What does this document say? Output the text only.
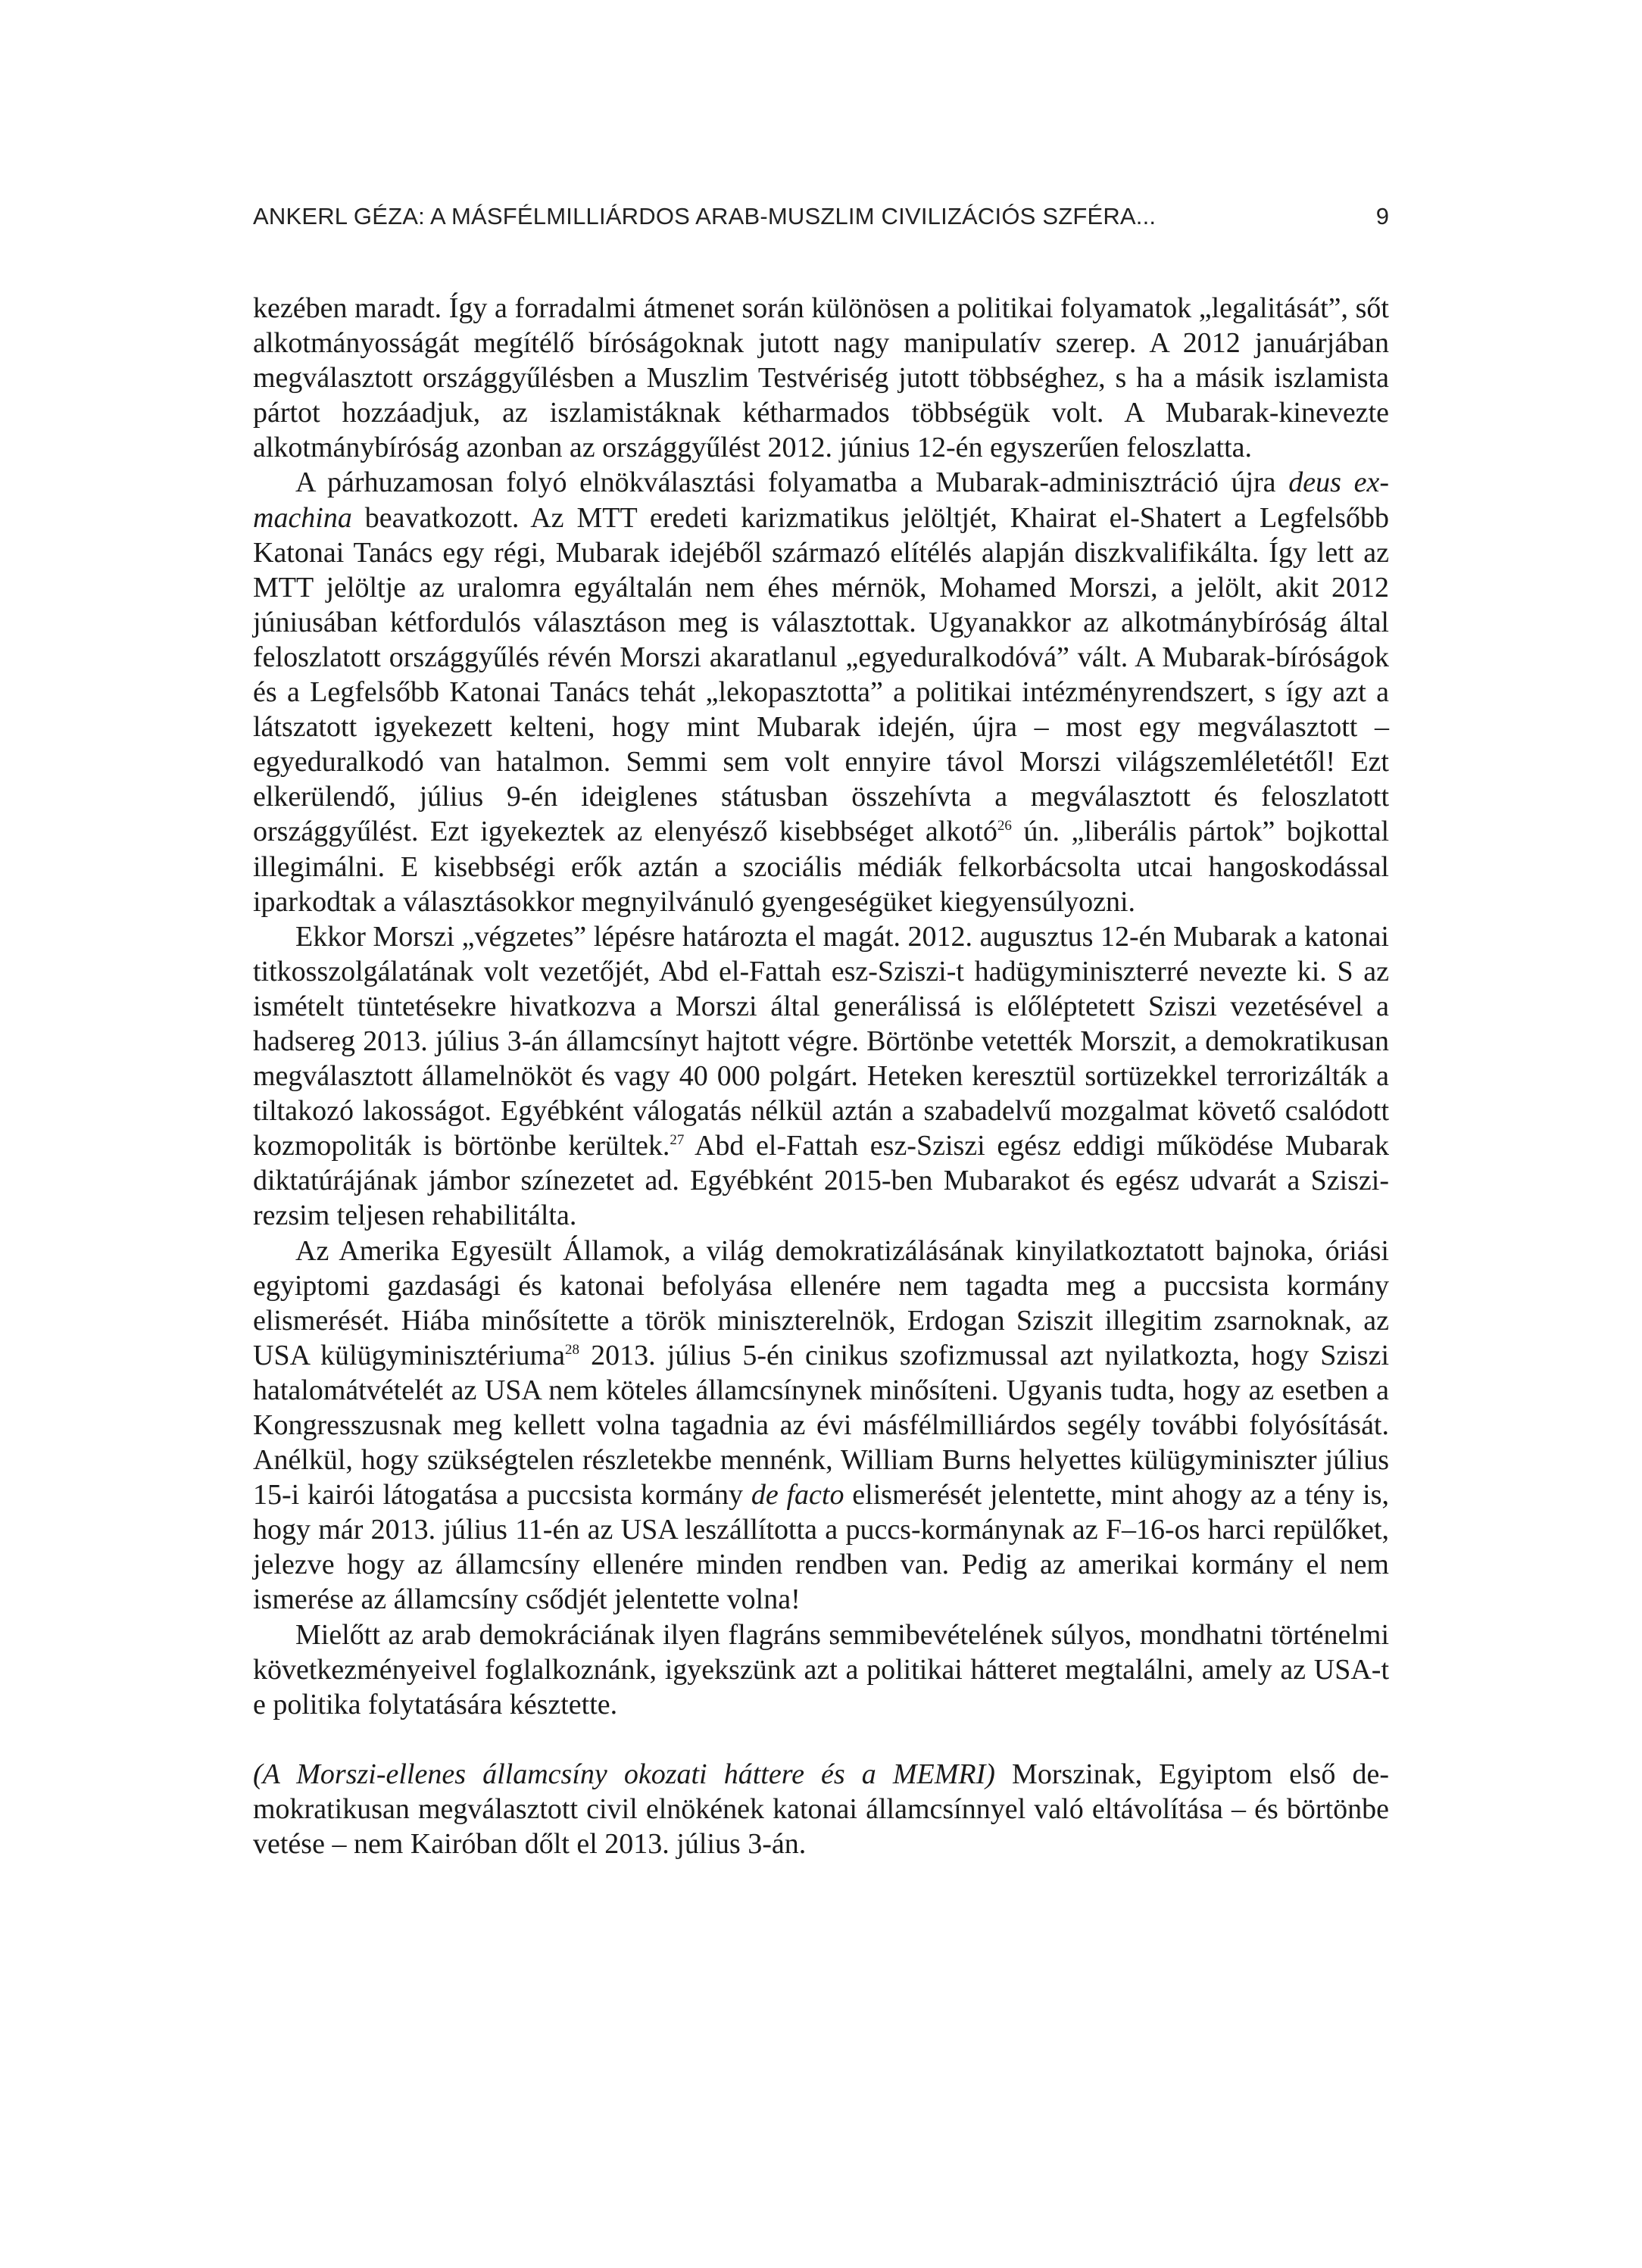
ANKERL GÉZA: A MÁSFÉLMILLIÁRDOS ARAB-MUSZLIM CIVILIZÁCIÓS SZFÉRA...	9

kezében maradt. Így a forradalmi átmenet során különösen a politikai folyamatok „legalitását”, sőt alkotmányosságát megítélő bíróságoknak jutott nagy manipulatív szerep. A 2012 januárjában megválasztott országgyűlésben a Muszlim Testvériség jutott többséghez, s ha a másik iszlamista pártot hozzáadjuk, az iszlamistáknak kétharmados többségük volt. A Mubarak-kinevezte alkotmánybíróság azonban az országgyűlést 2012. június 12-én egyszerűen feloszlatta.

A párhuzamosan folyó elnökválasztási folyamatba a Mubarak-adminisztráció újra deus ex-machina beavatkozott. Az MTT eredeti karizmatikus jelöltjét, Khairat el-Shatert a Legfelsőbb Katonai Tanács egy régi, Mubarak idejéből származó elítélés alapján diszkvalifikálta. Így lett az MTT jelöltje az uralomra egyáltalán nem éhes mérnök, Mohamed Morszi, a jelölt, akit 2012 júniusában kétfordulós választáson meg is választottak. Ugyanakkor az alkotmánybíróság által feloszlatott országgyűlés révén Morszi akaratlanul „egyeduralkodóvá” vált. A Mubarak-bíróságok és a Legfelsőbb Katonai Tanács tehát „lekopasztotta” a politikai intézményrendszert, s így azt a látszatott igyekezett kelteni, hogy mint Mubarak idején, újra – most egy megválasztott – egyeduralkodó van hatalmon. Semmi sem volt ennyire távol Morszi világszemléletétől! Ezt elkerülendő, július 9-én ideiglenes státusban összehívta a megválasztott és feloszlatott országgyűlést. Ezt igyekeztek az elenyésző kisebbséget alkotó$^{26}$ ún. „liberális pártok” bojkottal illegimálni. E kisebbségi erők aztán a szociális médiák felkorbácsolta utcai hangoskodással iparkodtak a választásokkor megnyilvánuló gyengeségüket kiegyensúlyozni.

Ekkor Morszi „végzetes” lépésre határozta el magát. 2012. augusztus 12-én Mubarak a katonai titkosszolgálatának volt vezetőjét, Abd el-Fattah esz-Sziszi-t hadügyminiszterré nevezte ki. S az ismételt tüntetésekre hivatkozva a Morszi által generálissá is előléptetett Sziszi vezetésével a hadsereg 2013. július 3-án államcsínyt hajtott végre. Börtönbe vetették Morszit, a demokratikusan megválasztott államelnököt és vagy 40 000 polgárt. Heteken keresztül sortüzekkel terrorizálták a tiltakozó lakosságot. Egyébként válogatás nélkül aztán a szabadelvű mozgalmat követő csalódott kozmopoliták is börtönbe kerültek.$^{27}$ Abd el-Fattah esz-Sziszi egész eddigi működése Mubarak diktatúrájának jámbor színezetet ad. Egyébként 2015-ben Mubarakot és egész udvarát a Sziszi-rezsim teljesen rehabilitálta.

Az Amerika Egyesült Államok, a világ demokratizálásának kinyilatkoztatott bajnoka, óriási egyiptomi gazdasági és katonai befolyása ellenére nem tagadta meg a puccsista kormány elismerését. Hiába minősítette a török miniszterelnök, Erdogan Sziszit illegitim zsarnoknak, az USA külügyminisztériuma$^{28}$ 2013. július 5-én cinikus szofizmussal azt nyilatkozta, hogy Sziszi hatalomátvételét az USA nem köteles államcsínynek minősíteni. Ugyanis tudta, hogy az esetben a Kongresszusnak meg kellett volna tagadnia az évi másfélmilliárdos segély további folyósítását. Anélkül, hogy szükségtelen részletekbe mennénk, William Burns helyettes külügyminiszter július 15-i kairói látogatása a puccsista kormány de facto elismerését jelentette, mint ahogy az a tény is, hogy már 2013. július 11-én az USA leszállította a puccs-kormánynak az F–16-os harci repülőket, jelezve hogy az államcsíny ellenére minden rendben van. Pedig az amerikai kormány el nem ismerése az államcsíny csődjét jelentette volna!

Mielőtt az arab demokráciának ilyen flagráns semmibevételének súlyos, mondhatni történelmi következményeivel foglalkoznánk, igyekszünk azt a politikai hátteret megtalálni, amely az USA-t e politika folytatására késztette.

(A Morszi-ellenes államcsíny okozati háttere és a MEMRI) Morszinak, Egyiptom első demokratikusan megválasztott civil elnökének katonai államcsínnyel való eltávolítása – és börtönbe vetése – nem Kairóban dőlt el 2013. július 3-án.
